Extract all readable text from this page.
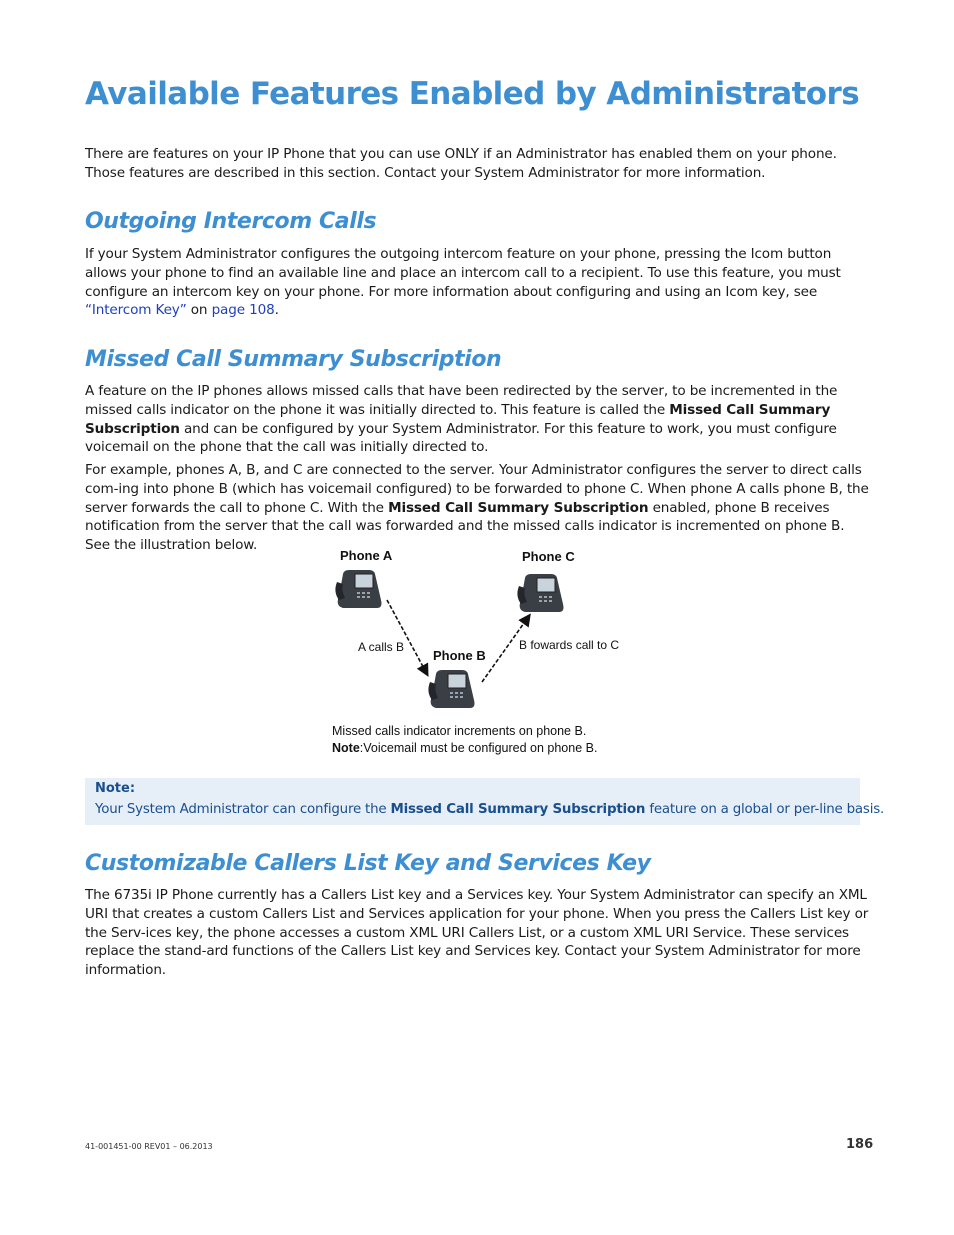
Available Features Enabled by Administrators

There are features on your IP Phone that you can use ONLY if an Administrator has enabled them on your phone. Those features are described in this section. Contact your System Administrator for more information.

Outgoing Intercom Calls

If your System Administrator configures the outgoing intercom feature on your phone, pressing the Icom button allows your phone to find an available line and place an intercom call to a recipient. To use this feature, you must configure an intercom key on your phone. For more information about configuring and using an Icom key, see “Intercom Key” on page 108.

Missed Call Summary Subscription

A feature on the IP phones allows missed calls that have been redirected by the server, to be incremented in the missed calls indicator on the phone it was initially directed to. This feature is called the Missed Call Summary Subscription and can be configured by your System Administrator. For this feature to work, you must configure voicemail on the phone that the call was initially directed to.

For example, phones A, B, and C are connected to the server. Your Administrator configures the server to direct calls com-ing into phone B (which has voicemail configured) to be forwarded to phone C. When phone A calls phone B, the server forwards the call to phone C. With the Missed Call Summary Subscription enabled, phone B receives notification from the server that the call was forwarded and the missed calls indicator is incremented on phone B. See the illustration below.

Phone A	Phone C
Phone B
A calls B	B fowards call to C
Missed calls indicator increments on phone B.
Note:Voicemail must be configured on phone B.
Note:
Your System Administrator can configure the Missed Call Summary Subscription feature on a global or per-line basis.
Customizable Callers List Key and Services Key

The 6735i IP Phone currently has a Callers List key and a Services key. Your System Administrator can specify an XML URI that creates a custom Callers List and Services application for your phone. When you press the Callers List key or the Serv-ices key, the phone accesses a custom XML URI Callers List, or a custom XML URI Service. These services replace the stand-ard functions of the Callers List key and Services key. Contact your System Administrator for more information.

41-001451-00 REV01 – 06.2013	186
